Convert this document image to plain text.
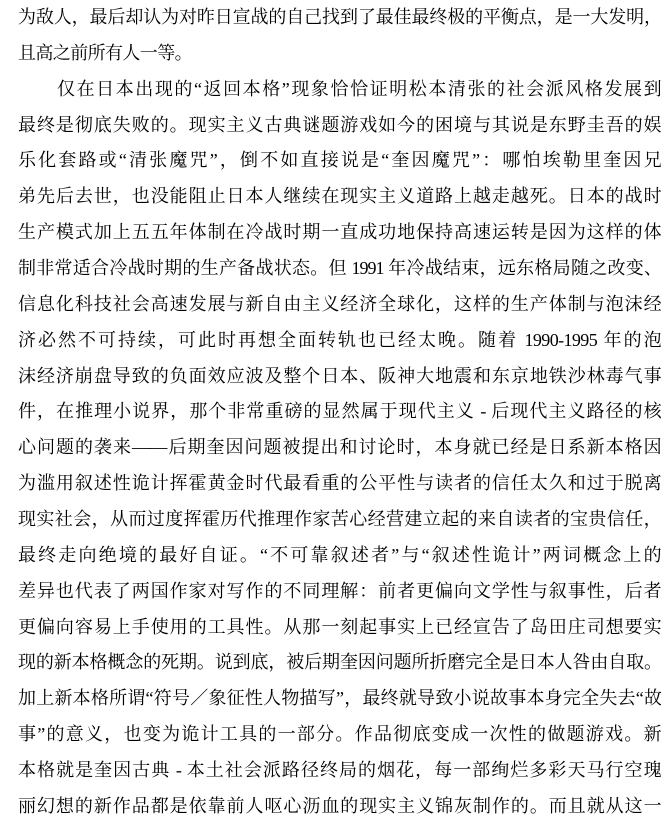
为敌人，最后却认为对昨日宣战的自己找到了最佳最终极的平衡点，是一大发明，
且高之前所有人一等。
仅在日本出现的“返回本格”现象恰恰证明松本清张的社会派风格发展到
最终是彻底失败的。现实主义古典谜题游戏如今的困境与其说是东野圭吾的娱
乐化套路或“清张魔咒”，倒不如直接说是“奎因魔咒”：哪怕埃勒里奎因兄
弟先后去世，也没能阻止日本人继续在现实主义道路上越走越死。日本的战时
生产模式加上五五年体制在冷战时期一直成功地保持高速运转是因为这样的体
制非常适合冷战时期的生产备战状态。但 1991 年冷战结束，远东格局随之改变、
信息化科技社会高速发展与新自由主义经济全球化，这样的生产体制与泡沫经
济必然不可持续，可此时再想全面转轨也已经太晚。随着 1990-1995 年的泡
沫经济崩盘导致的负面效应波及整个日本、阪神大地震和东京地铁沙林毒气事
件，在推理小说界，那个非常重磅的显然属于现代主义 - 后现代主义路径的核
心问题的袭来——后期奎因问题被提出和讨论时，本身就已经是日系新本格因
为滥用叙述性诡计挥霍黄金时代最看重的公平性与读者的信任太久和过于脱离
现实社会，从而过度挥霍历代推理作家苦心经营建立起的来自读者的宝贵信任，
最终走向绝境的最好自证。“不可靠叙述者”与“叙述性诡计”两词概念上的
差异也代表了两国作家对写作的不同理解：前者更偏向文学性与叙事性，后者
更偏向容易上手使用的工具性。从那一刻起事实上已经宣告了岛田庄司想要实
现的新本格概念的死期。说到底，被后期奎因问题所折磨完全是日本人咎由自取。
加上新本格所谓“符号／象征性人物描写”，最终就导致小说故事本身完全失去“故
事”的意义，也变为诡计工具的一部分。作品彻底变成一次性的做题游戏。新
本格就是奎因古典 - 本土社会派路径终局的烟花，每一部绚烂多彩天马行空瑰
丽幻想的新作品都是依靠前人呕心沥血的现实主义锦灰制作的。而且就从这一
